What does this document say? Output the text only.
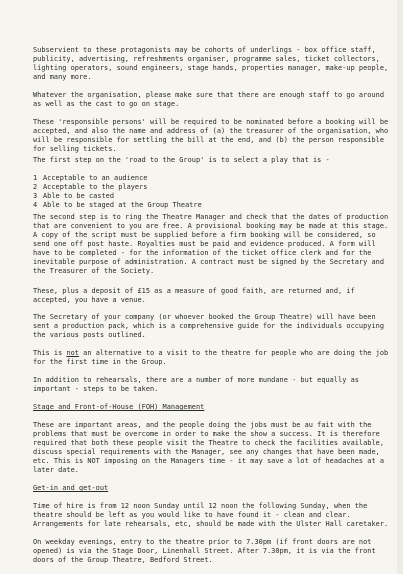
Subservient to these protagonists may be cohorts of underlings - box office staff, publicity, advertising, refreshments organiser, programme sales, ticket collectors, lighting operators, sound engineers, stage hands, properties manager, make-up people, and many more.

Whatever the organisation, please make sure that there are enough staff to go around as well as the cast to go on stage.

These 'responsible persons' will be required to be nominated before a booking will be accepted, and also the name and address of (a) the treasurer of the organisation, who will be responsible for settling the bill at the end, and (b) the person responsible for selling tickets.

The first step on the 'road to the Group' is to select a play that is -

1 Acceptable to an audience
2 Acceptable to the players
3 Able to be casted
4 Able to be staged at the Group Theatre

The second step is to ring the Theatre Manager and check that the dates of production that are convenient to you are free. A provisional booking may be made at this stage. A copy of the script must be supplied before a firm booking will be considered, so send one off post haste. Royalties must be paid and evidence produced. A form will have to be completed - for the information of the ticket office clerk and for the inevitable purpose of administration. A contract must be signed by the Secretary and the Treasurer of the Society.

These, plus a deposit of £15 as a measure of good faith, are returned and, if accepted, you have a venue.

The Secretary of your company (or whoever booked the Group Theatre) will have been sent a production pack, which is a comprehensive guide for the individuals occupying the various posts outlined.

This is not an alternative to a visit to the theatre for people who are doing the job for the first time in the Group.

In addition to rehearsals, there are a number of more mundane - but equally as important - steps to be taken.

Stage and Front-of-House (FOH) Management

These are important areas, and the people doing the jobs must be au fait with the problems that must be overcome in order to make the show a success. It is therefore required that both these people visit the Theatre to check the facilities available, discuss special requirements with the Manager, see any changes that have been made, etc. This is NOT imposing on the Managers time - it may save a lot of headaches at a later date.

Get-in and get-out

Time of hire is from 12 noon Sunday until 12 noon the following Sunday, when the theatre should be left as you would like to have found it - clean and clear. Arrangements for late rehearsals, etc, should be made with the Ulster Hall caretaker.

On weekday evenings, entry to the theatre prior to 7.30pm (if front doors are not opened) is via the Stage Door, Linenhall Street. After 7.30pm, it is via the front doors of the Group Theatre, Bedford Street.
